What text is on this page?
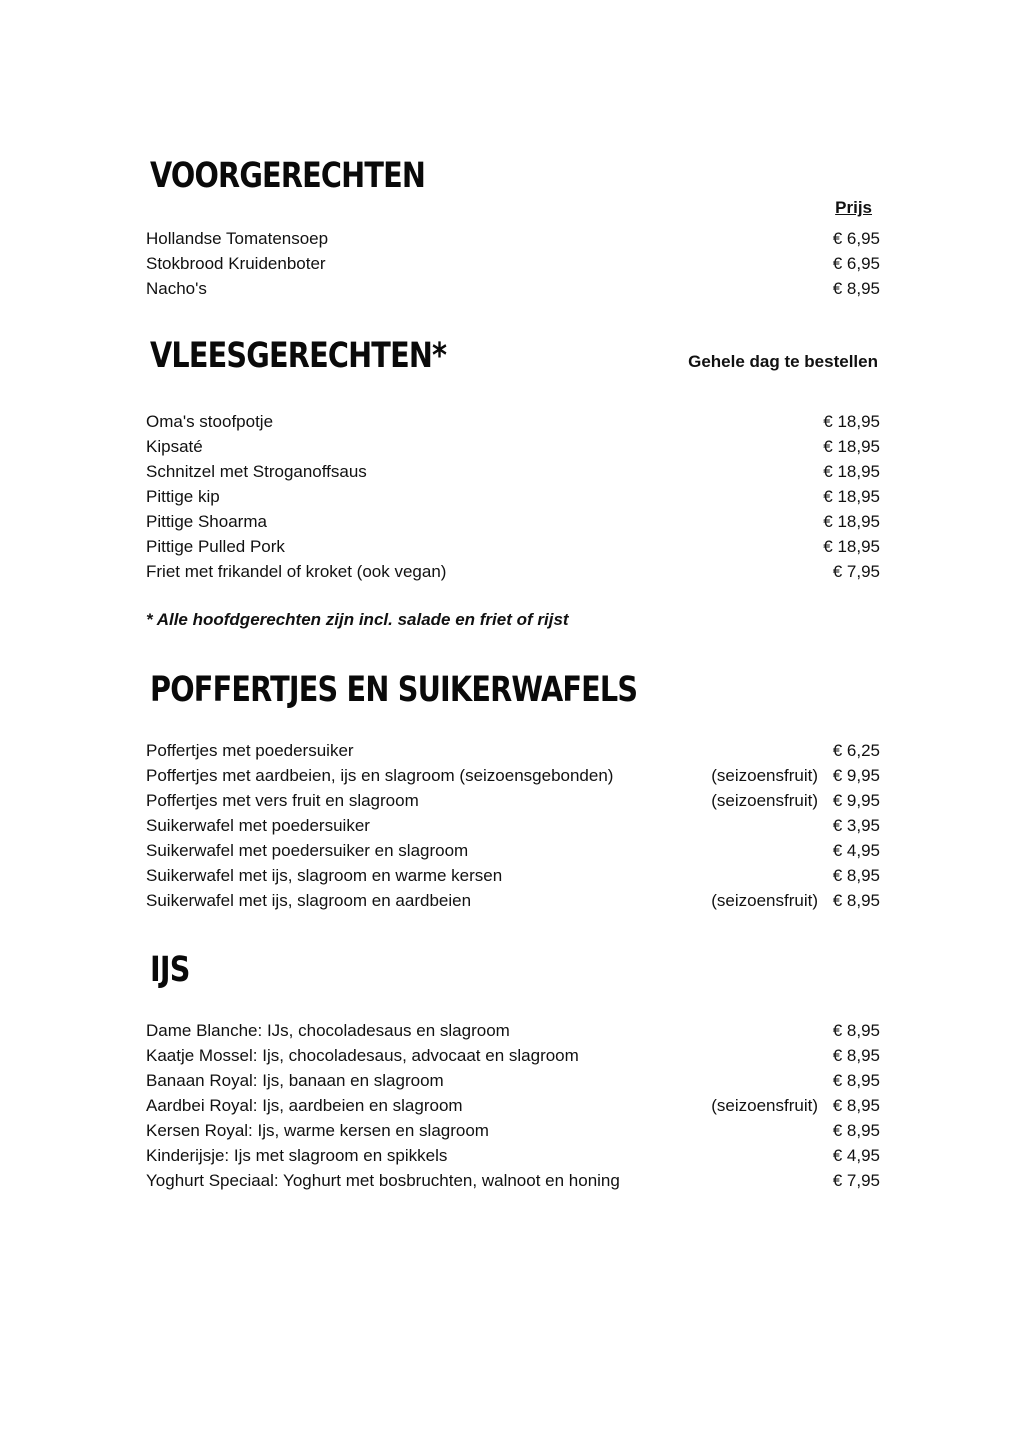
VOORGERECHTEN
Prijs
Hollandse Tomatensoep	€ 6,95
Stokbrood Kruidenboter	€ 6,95
Nacho's	€ 8,95
VLEESGERECHTEN*	Gehele dag te bestellen
Oma's stoofpotje	€ 18,95
Kipsaté	€ 18,95
Schnitzel met Stroganoffsaus	€ 18,95
Pittige kip	€ 18,95
Pittige Shoarma	€ 18,95
Pittige Pulled Pork	€ 18,95
Friet met frikandel of kroket (ook vegan)	€ 7,95
* Alle hoofdgerechten zijn incl. salade en friet of rijst
POFFERTJES EN SUIKERWAFELS
Poffertjes met poedersuiker	€ 6,25
Poffertjes met aardbeien, ijs en slagroom (seizoensgebonden)	(seizoensfruit) € 9,95
Poffertjes met vers fruit en slagroom	(seizoensfruit) € 9,95
Suikerwafel met poedersuiker	€ 3,95
Suikerwafel met poedersuiker en slagroom	€ 4,95
Suikerwafel met ijs, slagroom en warme kersen	€ 8,95
Suikerwafel met ijs, slagroom en aardbeien	(seizoensfruit) € 8,95
IJS
Dame Blanche: IJs, chocoladesaus en slagroom	€ 8,95
Kaatje Mossel: Ijs, chocoladesaus, advocaat en slagroom	€ 8,95
Banaan Royal: Ijs, banaan en slagroom	€ 8,95
Aardbei Royal: Ijs, aardbeien en slagroom	(seizoensfruit) € 8,95
Kersen Royal: Ijs, warme kersen en slagroom	€ 8,95
Kinderijsje: Ijs met slagroom en spikkels	€ 4,95
Yoghurt Speciaal: Yoghurt met bosbruchten, walnoot en honing	€ 7,95
